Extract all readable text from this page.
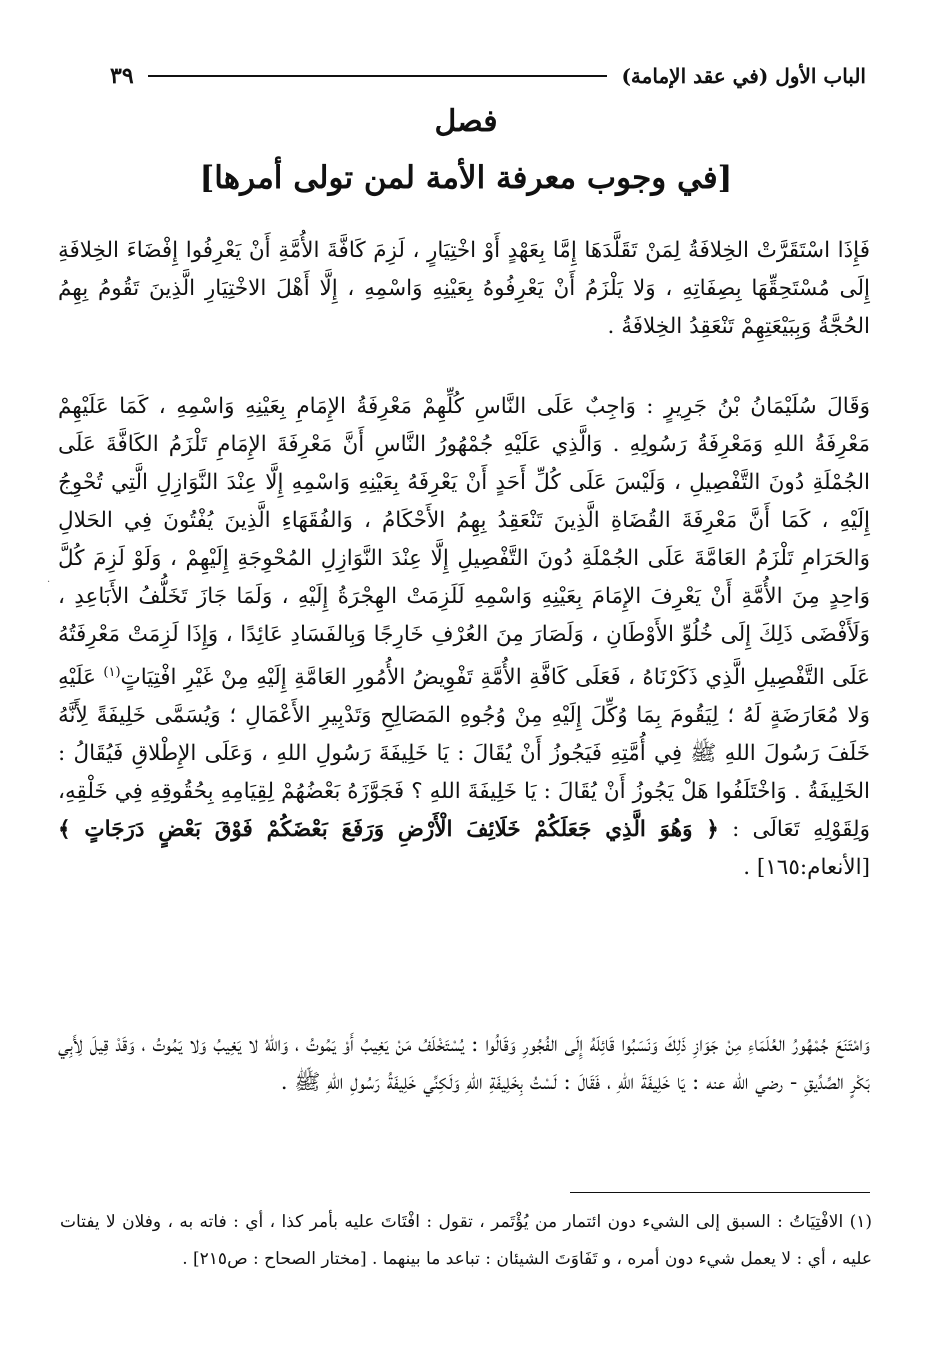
الباب الأول (في عقد الإمامة)
٣٩
فصل
[في وجوب معرفة الأمة لمن تولى أمرها]
فَإِذَا اسْتَقَرَّتْ الخِلافَةُ لِمَنْ تَقَلَّدَهَا إِمَّا بِعَهْدٍ أَوْ اخْتِيَارٍ ، لَزِمَ كَافَّةَ الأُمَّةِ أَنْ يَعْرِفُوا إِفْضَاءَ الخِلافَةِ إِلَى مُسْتَحِقِّهَا بِصِفَاتِهِ ، وَلا يَلْزَمُ أَنْ يَعْرِفُوهُ بِعَيْنِهِ وَاسْمِهِ ، إِلَّا أَهْلَ الاخْتِيَارِ الَّذِينَ تَقُومُ بِهِمُ الحُجَّةُ وَبِبَيْعَتِهِمْ تَنْعَقِدُ الخِلافَةُ .
وَقَالَ سُلَيْمَانُ بْنُ جَرِيرٍ : وَاجِبٌ عَلَى النَّاسِ كُلِّهِمْ مَعْرِفَةُ الإِمَامِ بِعَيْنِهِ وَاسْمِهِ ، كَمَا عَلَيْهِمْ مَعْرِفَةُ اللهِ وَمَعْرِفَةُ رَسُولِهِ . وَالَّذِي عَلَيْهِ جُمْهُورُ النَّاسِ أَنَّ مَعْرِفَةَ الإِمَامِ تَلْزَمُ الكَافَّةَ عَلَى الجُمْلَةِ دُونَ التَّفْصِيلِ ، وَلَيْسَ عَلَى كُلِّ أَحَدٍ أَنْ يَعْرِفَهُ بِعَيْنِهِ وَاسْمِهِ إِلَّا عِنْدَ النَّوَازِلِ الَّتِي تُحْوِجُ إِلَيْهِ ، كَمَا أَنَّ مَعْرِفَةَ القُضَاةِ الَّذِينَ تَنْعَقِدُ بِهِمُ الأَحْكَامُ ، وَالفُقَهَاءِ الَّذِينَ يُفْتُونَ فِي الحَلالِ وَالحَرَامِ تَلْزَمُ العَامَّةَ عَلَى الجُمْلَةِ دُونَ التَّفْصِيلِ إِلَّا عِنْدَ النَّوَازِلِ المُحْوِجَةِ إِلَيْهِمْ ، وَلَوْ لَزِمَ كُلَّ وَاحِدٍ مِنَ الأُمَّةِ أَنْ يَعْرِفَ الإِمَامَ بِعَيْنِهِ وَاسْمِهِ لَلَزِمَتْ الهِجْرَةُ إِلَيْهِ ، وَلَمَا جَازَ تَخَلُّفُ الأَبَاعِدِ ، وَلَأَفْضَى ذَلِكَ إِلَى خُلُوِّ الأَوْطَانِ ، وَلَصَارَ مِنَ العُرْفِ خَارِجًا وَبِالفَسَادِ عَائِدًا ، وَإِذَا لَزِمَتْ مَعْرِفَتُهُ عَلَى التَّفْصِيلِ الَّذِي ذَكَرْنَاهُ ، فَعَلَى كَافَّةِ الأُمَّةِ تَفْوِيضُ الأُمُورِ العَامَّةِ إِلَيْهِ مِنْ غَيْرِ افْتِيَاتٍ$^{(١)}$ عَلَيْهِ وَلا مُعَارَضَةٍ لَهُ ؛ لِيَقُومَ بِمَا وُكِّلَ إِلَيْهِ مِنْ وُجُوهِ المَصَالِحِ وَتَدْبِيرِ الأَعْمَالِ ؛ وَيُسَمَّى خَلِيفَةً لِأَنَّهُ خَلَفَ رَسُولَ اللهِ ﷺ فِي أُمَّتِهِ فَيَجُوزُ أَنْ يُقَالَ : يَا خَلِيفَةَ رَسُولِ اللهِ ، وَعَلَى الإِطْلاقِ فَيُقَالُ : الخَلِيفَةُ . وَاخْتَلَفُوا هَلْ يَجُوزُ أَنْ يُقَالَ : يَا خَلِيفَةَ اللهِ ؟ فَجَوَّزَهُ بَعْضُهُمْ لِقِيَامِهِ بِحُقُوقِهِ فِي خَلْقِهِ، وَلِقَوْلِهِ تَعَالَى : ﴿ وَهُوَ الَّذِي جَعَلَكُمْ خَلَائِفَ الْأَرْضِ وَرَفَعَ بَعْضَكُمْ فَوْقَ بَعْضٍ دَرَجَاتٍ ﴾ [الأنعام:١٦٥] .
وَامْتَنَعَ جُمْهُورُ العُلَمَاءِ مِنْ جَوَازِ ذَلِكَ وَنَسَبُوا قَائِلَهُ إِلَى الفُجُورِ وَقَالُوا : يُسْتَخْلَفُ مَنْ يَغِيبُ أَوْ يَمُوتُ ، وَاللهُ لا يَغِيبُ وَلا يَمُوتُ ، وَقَدْ قِيلَ لِأَبِي بَكْرٍ الصِّدِّيقِ - رضي الله عنه : يَا خَلِيفَةَ اللهِ ، فَقَالَ : لَسْتُ بِخَلِيفَةِ اللهِ وَلَكِنِّي خَلِيفَةُ رَسُولِ اللهِ ﷺ .
(١) الافْتِيَاتُ : السبق إلى الشيء دون ائتمار من يُؤْتَمر ، تقول : افْتَاتَ عليه بأمر كذا ، أي : فاته به ، وفلان لا يفتات عليه ، أي : لا يعمل شيء دون أمره ، و تَفَاوَتَ الشيئان : تباعد ما بينهما . [مختار الصحاح : ص٢١٥] .
·
